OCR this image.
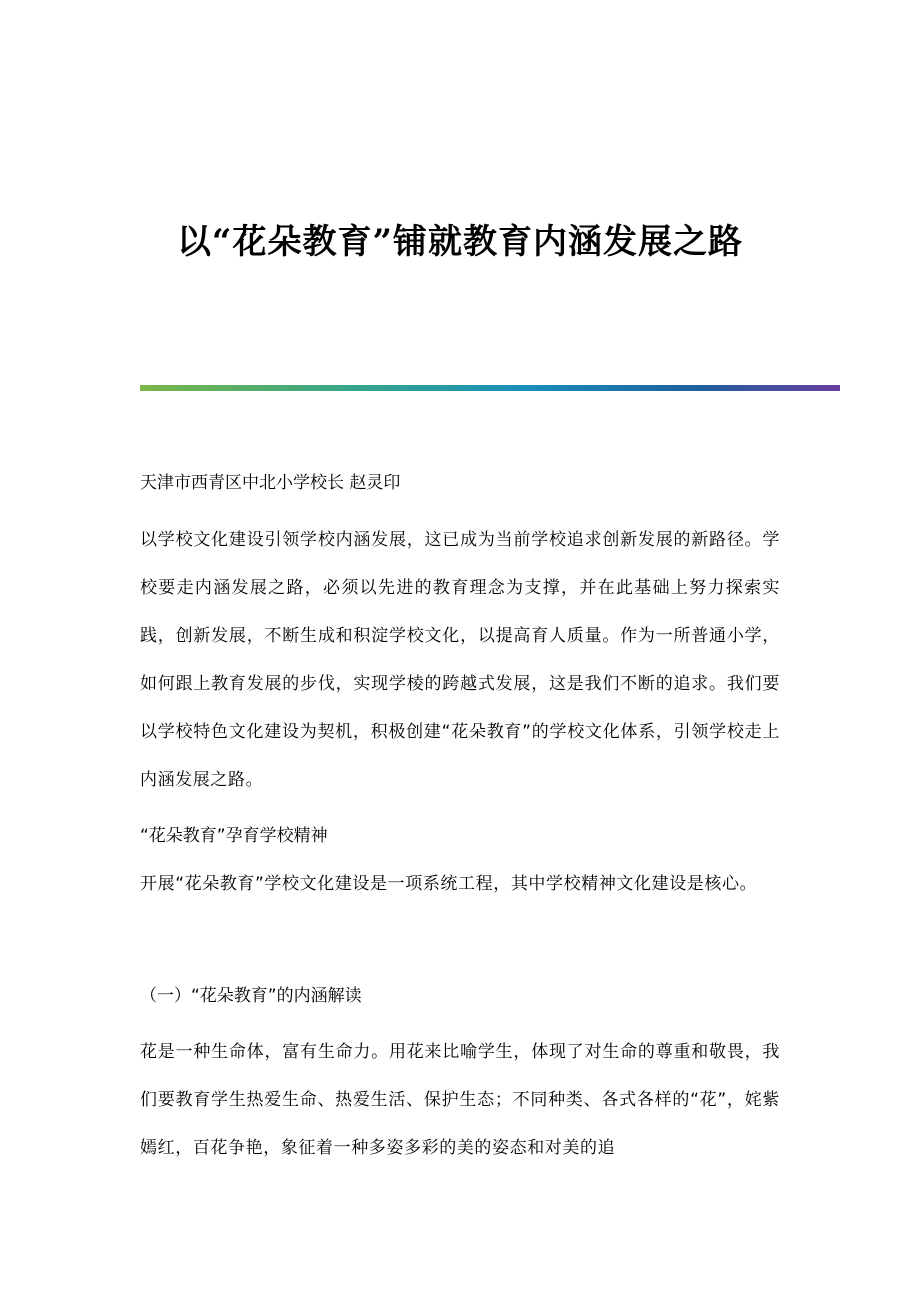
以“花朵教育”铺就教育内涵发展之路

天津市西青区中北小学校长 赵灵印

以学校文化建设引领学校内涵发展，这已成为当前学校追求创新发展的新路径。学校要走内涵发展之路，必须以先进的教育理念为支撑，并在此基础上努力探索实践，创新发展，不断生成和积淀学校文化，以提高育人质量。作为一所普通小学，如何跟上教育发展的步伐，实现学棱的跨越式发展，这是我们不断的追求。我们要以学校特色文化建设为契机，积极创建“花朵教育”的学校文化体系，引领学校走上内涵发展之路。

“花朵教育”孕育学校精神

开展“花朵教育”学校文化建设是一项系统工程，其中学校精神文化建设是核心。

（一）“花朵教育”的内涵解读

花是一种生命体，富有生命力。用花来比喻学生，体现了对生命的尊重和敬畏，我们要教育学生热爱生命、热爱生活、保护生态；不同种类、各式各样的“花”，姹紫嫣红，百花争艳，象征着一种多姿多彩的美的姿态和对美的追
